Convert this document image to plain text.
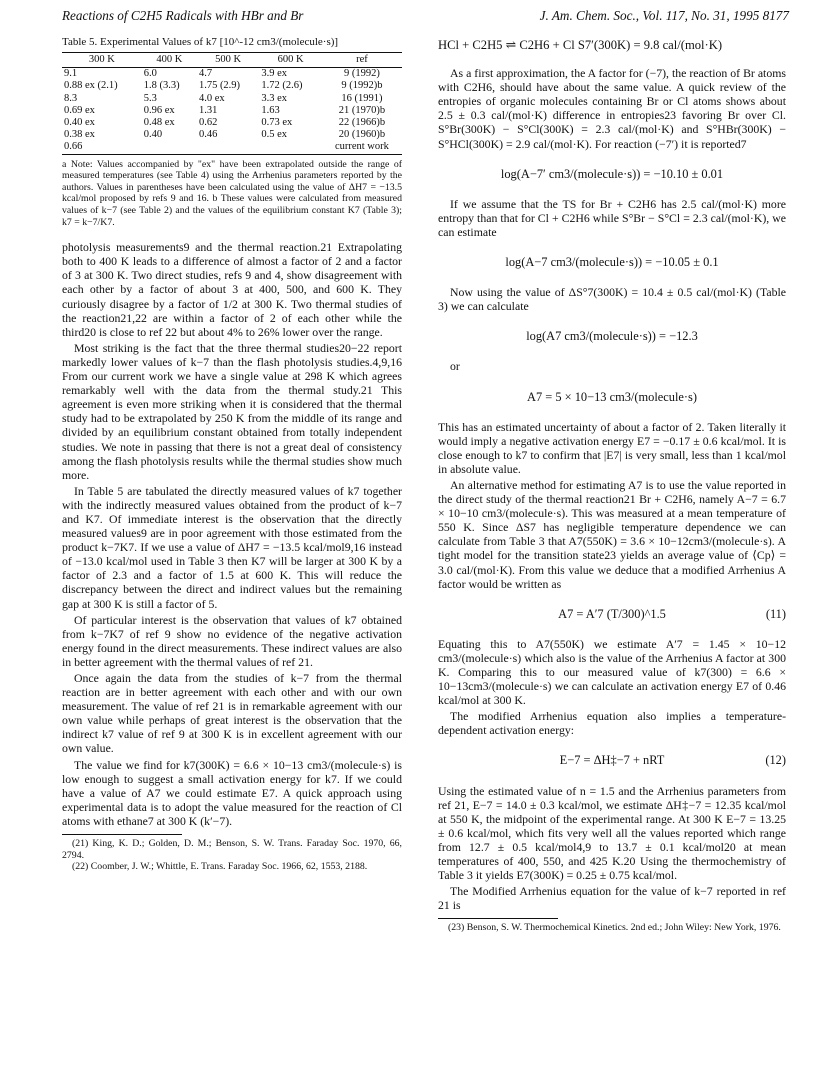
Reactions of C2H5 Radicals with HBr and Br	J. Am. Chem. Soc., Vol. 117, No. 31, 1995 8177
Table 5. Experimental Values of k7 [10^-12 cm3/(molecule·s)]
300 K	400 K	500 K	600 K	ref
9.1	6.0	4.7	3.9 ex	9 (1992)
0.88 ex (2.1)	1.8 (3.3)	1.75 (2.9)	1.72 (2.6)	9 (1992)b
8.3	5.3	4.0 ex	3.3 ex	16 (1991)
0.69 ex	0.96 ex	1.31	1.63	21 (1970)b
0.40 ex	0.48 ex	0.62	0.73 ex	22 (1966)b
0.38 ex	0.40	0.46	0.5 ex	20 (1960)b
0.66				current work
a Note: Values accompanied by "ex" have been extrapolated outside the range of measured temperatures (see Table 4) using the Arrhenius parameters reported by the authors. Values in parentheses have been calculated using the value of ΔH7 = −13.5 kcal/mol proposed by refs 9 and 16. b These values were calculated from measured values of k−7 (see Table 2) and the values of the equilibrium constant K7 (Table 3); k7 = k−7/K7.

photolysis measurements9 and the thermal reaction.21 Extrapolating both to 400 K leads to a difference of almost a factor of 2 and a factor of 3 at 300 K. Two direct studies, refs 9 and 4, show disagreement with each other by a factor of about 3 at 400, 500, and 600 K. They curiously disagree by a factor of 1/2 at 300 K. Two thermal studies of the reaction21,22 are within a factor of 2 of each other while the third20 is close to ref 22 but about 4% to 26% lower over the range.

Most striking is the fact that the three thermal studies20−22 report markedly lower values of k−7 than the flash photolysis studies.4,9,16 From our current work we have a single value at 298 K which agrees remarkably well with the data from the thermal study.21 This agreement is even more striking when it is considered that the thermal study had to be extrapolated by 250 K from the middle of its range and divided by an equilibrium constant obtained from totally independent studies. We note in passing that there is not a great deal of consistency among the flash photolysis results while the thermal studies show much more.

In Table 5 are tabulated the directly measured values of k7 together with the indirectly measured values obtained from the product of k−7 and K7. Of immediate interest is the observation that the directly measured values9 are in poor agreement with those estimated from the product k−7K7. If we use a value of ΔH7 = −13.5 kcal/mol9,16 instead of −13.0 kcal/mol used in Table 3 then K7 will be larger at 300 K by a factor of 2.3 and a factor of 1.5 at 600 K. This will reduce the discrepancy between the direct and indirect values but the remaining gap at 300 K is still a factor of 5.

Of particular interest is the observation that values of k7 obtained from k−7K7 of ref 9 show no evidence of the negative activation energy found in the direct measurements. These indirect values are also in better agreement with the thermal values of ref 21.

Once again the data from the studies of k−7 from the thermal reaction are in better agreement with each other and with our own measurement. The value of ref 21 is in remarkable agreement with our own value while perhaps of great interest is the observation that the indirect k7 value of ref 9 at 300 K is in excellent agreement with our own value.

The value we find for k7(300K) = 6.6 × 10−13 cm3/(molecule·s) is low enough to suggest a small activation energy for k7. If we could have a value of A7 we could estimate E7. A quick approach using experimental data is to adopt the value measured for the reaction of Cl atoms with ethane7 at 300 K (k′−7).

(21) King, K. D.; Golden, D. M.; Benson, S. W. Trans. Faraday Soc. 1970, 66, 2794.
(22) Coomber, J. W.; Whittle, E. Trans. Faraday Soc. 1966, 62, 1553, 2188.
HCl + C2H5 ⇌ C2H6 + Cl S7′(300K) = 9.8 cal/(mol·K)

As a first approximation, the A factor for (−7), the reaction of Br atoms with C2H6, should have about the same value. A quick review of the entropies of organic molecules containing Br or Cl atoms shows about 2.5 ± 0.3 cal/(mol·K) difference in entropies23 favoring Br over Cl. S°Br(300K) − S°Cl(300K) = 2.3 cal/(mol·K) and S°HBr(300K) − S°HCl(300K) = 2.9 cal/(mol·K). For reaction (−7′) it is reported7

log(A−7′ cm3/(molecule·s)) = −10.10 ± 0.01

If we assume that the TS for Br + C2H6 has 2.5 cal/(mol·K) more entropy than that for Cl + C2H6 while S°Br − S°Cl = 2.3 cal/(mol·K), we can estimate

log(A−7 cm3/(molecule·s)) = −10.05 ± 0.1

Now using the value of ΔS°7(300K) = 10.4 ± 0.5 cal/(mol·K) (Table 3) we can calculate

log(A7 cm3/(molecule·s)) = −12.3

or

A7 = 5 × 10−13 cm3/(molecule·s)

This has an estimated uncertainty of about a factor of 2. Taken literally it would imply a negative activation energy E7 = −0.17 ± 0.6 kcal/mol. It is close enough to k7 to confirm that |E7| is very small, less than 1 kcal/mol in absolute value.

An alternative method for estimating A7 is to use the value reported in the direct study of the thermal reaction21 Br + C2H6, namely A−7 = 6.7 × 10−10 cm3/(molecule·s). This was measured at a mean temperature of 550 K. Since ΔS7 has negligible temperature dependence we can calculate from Table 3 that A7(550K) = 3.6 × 10−12cm3/(molecule·s). A tight model for the transition state23 yields an average value of ⟨Cp⟩ = 3.0 cal/(mol·K). From this value we deduce that a modified Arrhenius A factor would be written as

A7 = A′7 (T/300)^1.5	(11)

Equating this to A7(550K) we estimate A′7 = 1.45 × 10−12 cm3/(molecule·s) which also is the value of the Arrhenius A factor at 300 K. Comparing this to our measured value of k7(300) = 6.6 × 10−13cm3/(molecule·s) we can calculate an activation energy E7 of 0.46 kcal/mol at 300 K.

The modified Arrhenius equation also implies a temperature-dependent activation energy:

E−7 = ΔH‡−7 + nRT	(12)

Using the estimated value of n = 1.5 and the Arrhenius parameters from ref 21, E−7 = 14.0 ± 0.3 kcal/mol, we estimate ΔH‡−7 = 12.35 kcal/mol at 550 K, the midpoint of the experimental range. At 300 K E−7 = 13.25 ± 0.6 kcal/mol, which fits very well all the values reported which range from 12.7 ± 0.5 kcal/mol4,9 to 13.7 ± 0.1 kcal/mol20 at mean temperatures of 400, 550, and 425 K.20 Using the thermochemistry of Table 3 it yields E7(300K) = 0.25 ± 0.75 kcal/mol.

The Modified Arrhenius equation for the value of k−7 reported in ref 21 is

(23) Benson, S. W. Thermochemical Kinetics. 2nd ed.; John Wiley: New York, 1976.
